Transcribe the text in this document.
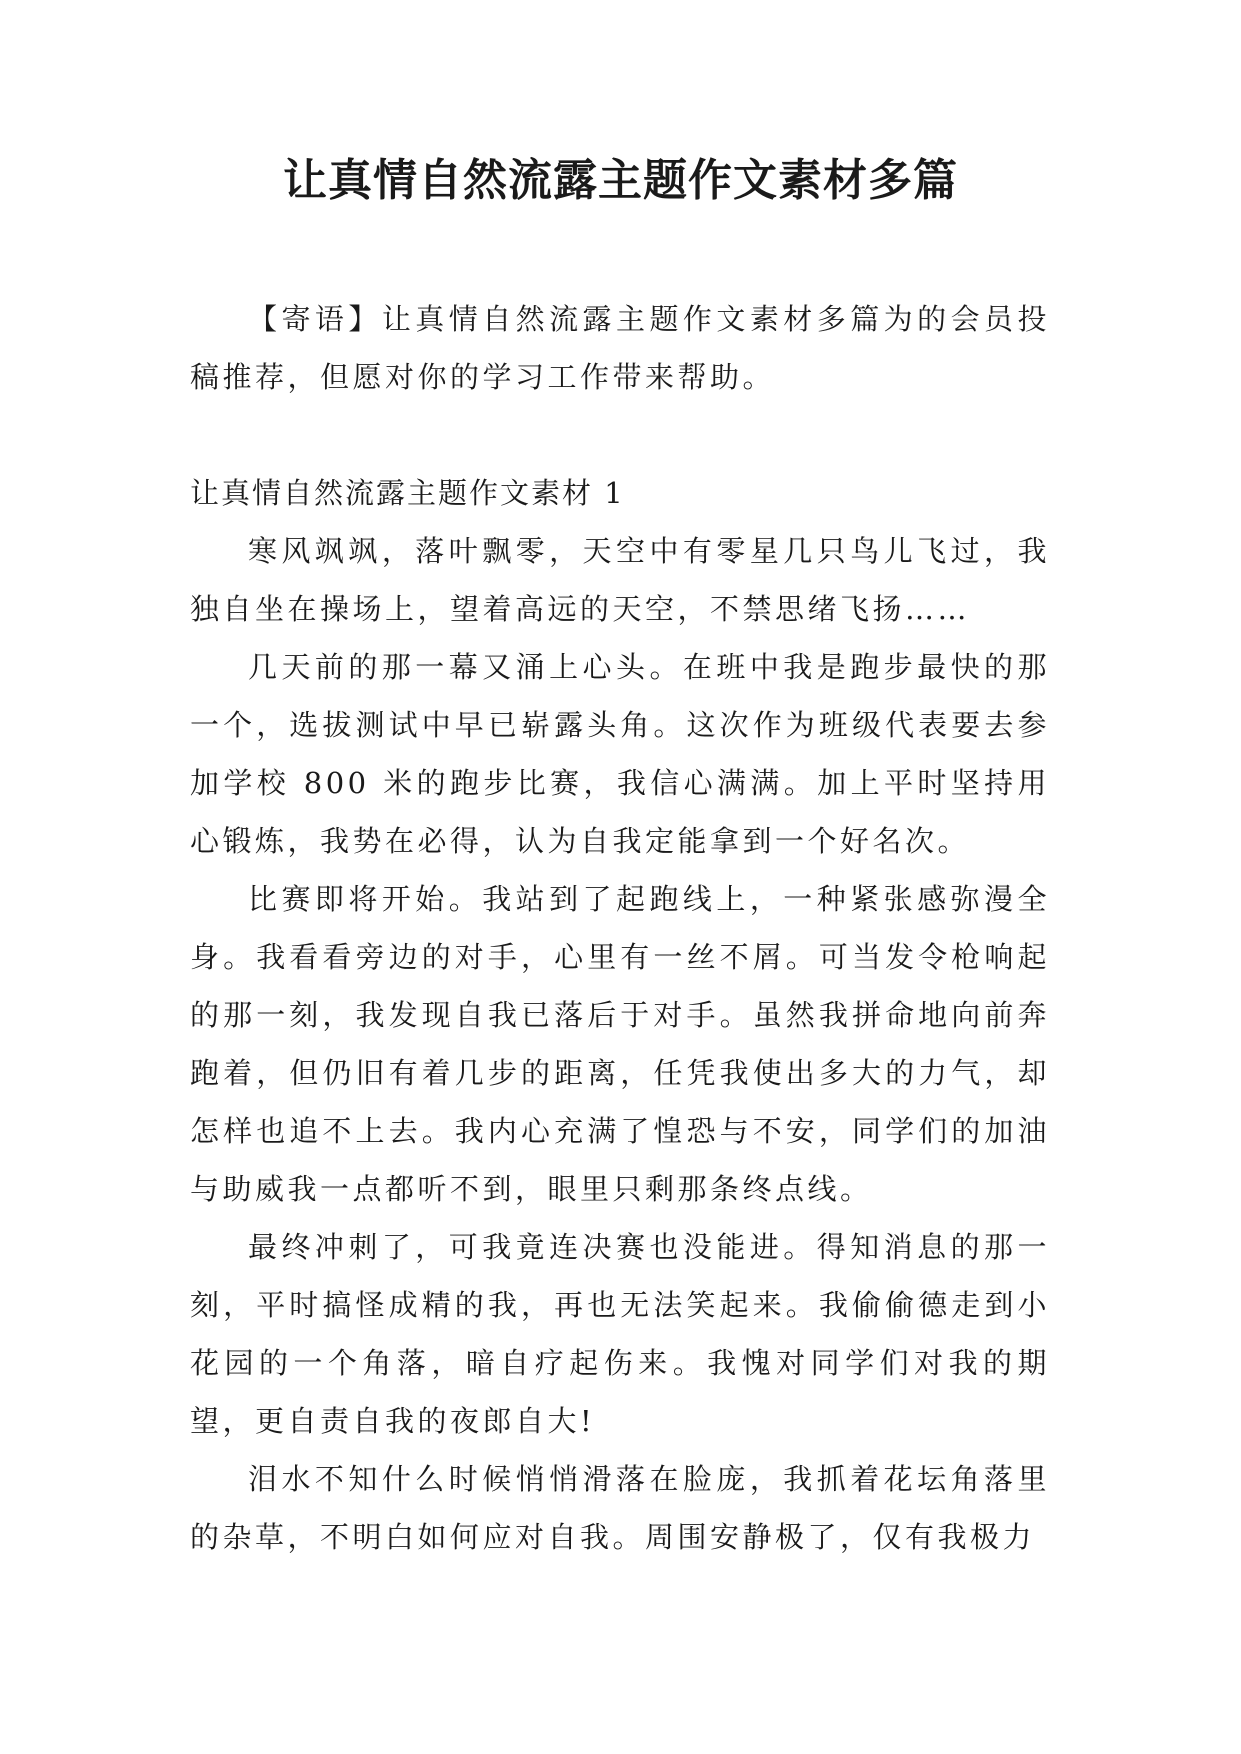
让真情自然流露主题作文素材多篇

【寄语】让真情自然流露主题作文素材多篇为的会员投稿推荐，但愿对你的学习工作带来帮助。

让真情自然流露主题作文素材 1

寒风飒飒，落叶飘零，天空中有零星几只鸟儿飞过，我独自坐在操场上，望着高远的天空，不禁思绪飞扬……

几天前的那一幕又涌上心头。在班中我是跑步最快的那一个，选拔测试中早已崭露头角。这次作为班级代表要去参加学校 800 米的跑步比赛，我信心满满。加上平时坚持用心锻炼，我势在必得，认为自我定能拿到一个好名次。

比赛即将开始。我站到了起跑线上，一种紧张感弥漫全身。我看看旁边的对手，心里有一丝不屑。可当发令枪响起的那一刻，我发现自我已落后于对手。虽然我拼命地向前奔跑着，但仍旧有着几步的距离，任凭我使出多大的力气，却怎样也追不上去。我内心充满了惶恐与不安，同学们的加油与助威我一点都听不到，眼里只剩那条终点线。

最终冲刺了，可我竟连决赛也没能进。得知消息的那一刻，平时搞怪成精的我，再也无法笑起来。我偷偷德走到小花园的一个角落，暗自疗起伤来。我愧对同学们对我的期望，更自责自我的夜郎自大!

泪水不知什么时候悄悄滑落在脸庞，我抓着花坛角落里的杂草，不明白如何应对自我。周围安静极了，仅有我极力
